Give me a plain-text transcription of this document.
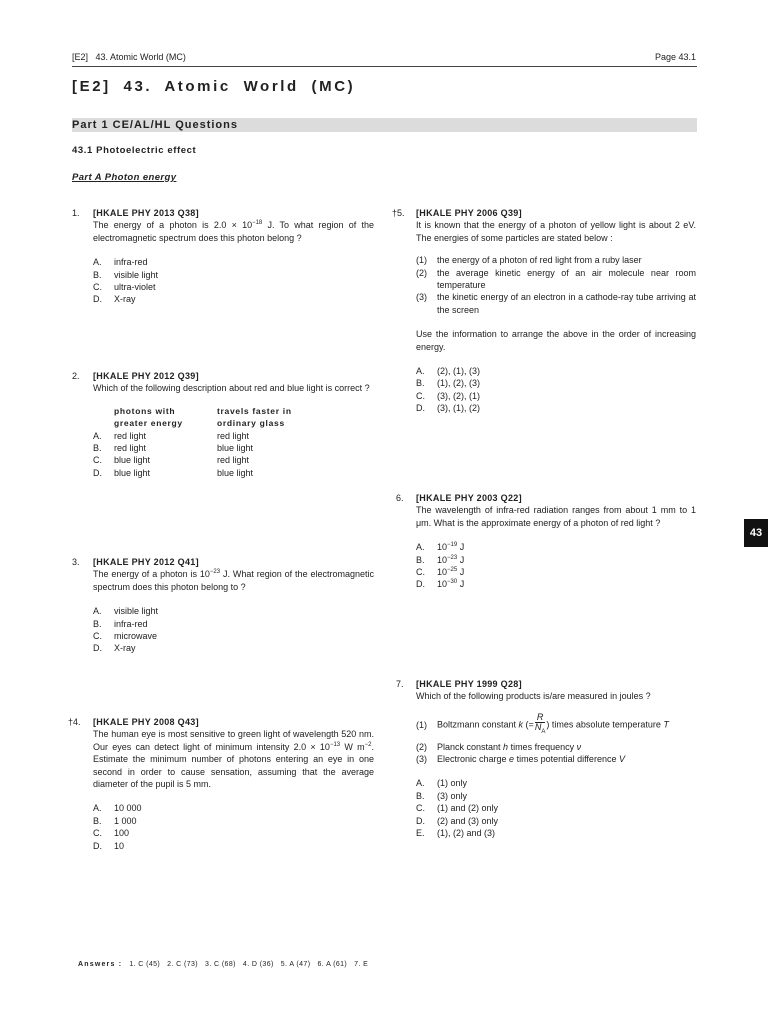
[E2] 43. Atomic World (MC)	Page 43.1
[E2] 43. Atomic World (MC)
Part 1 CE/AL/HL Questions
43.1 Photoelectric effect
Part A Photon energy
1. [HKALE PHY 2013 Q38]
The energy of a photon is $2.0 \times 10^{-18}$ J. To what region of the electromagnetic spectrum does this photon belong ?
A.	infra-red
B.	visible light
C.	ultra-violet
D.	X-ray
2. [HKALE PHY 2012 Q39]
Which of the following description about red and blue light is correct ?
photons with	travels faster in
greater energy	ordinary glass
A.	red light	red light
B.	red light	blue light
C.	blue light	red light
D.	blue light	blue light
3. [HKALE PHY 2012 Q41]
The energy of a photon is $10^{-23}$ J. What region of the electromagnetic spectrum does this photon belong to ?
A.	visible light
B.	infra-red
C.	microwave
D.	X-ray
†4. [HKALE PHY 2008 Q43]
The human eye is most sensitive to green light of wavelength 520 nm. Our eyes can detect light of minimum intensity $2.0 \times 10^{-13}$ W $m^{-2}$. Estimate the minimum number of photons entering an eye in one second in order to cause sensation, assuming that the average diameter of the pupil is 5 mm.
A.	10 000
B.	1 000
C.	100
D.	10
†5. [HKALE PHY 2006 Q39]
It is known that the energy of a photon of yellow light is about 2 eV. The energies of some particles are stated below :
(1)	the energy of a photon of red light from a ruby laser
(2)	the average kinetic energy of an air molecule near room temperature
(3)	the kinetic energy of an electron in a cathode-ray tube arriving at the screen
Use the information to arrange the above in the order of increasing energy.
A.	(2), (1), (3)
B.	(1), (2), (3)
C.	(3), (2), (1)
D.	(3), (1), (2)
6. [HKALE PHY 2003 Q22]
The wavelength of infra-red radiation ranges from about 1 mm to 1 μm. What is the approximate energy of a photon of red light ?
A.	$10^{-19}$ J
B.	$10^{-23}$ J
C.	$10^{-25}$ J
D.	$10^{-30}$ J
7. [HKALE PHY 1999 Q28]
Which of the following products is/are measured in joules ?
(1)	Boltzmann constant k (= $\frac{R}{N_A}$ ) times absolute temperature T
(2)	Planck constant h times frequency ν
(3)	Electronic charge e times potential difference V
A.	(1) only
B.	(3) only
C.	(1) and (2) only
D.	(2) and (3) only
E.	(1), (2) and (3)
43
Answers : 1. C (45)   2. C (73)   3. C (68)   4. D (36)   5. A (47)   6. A (61)   7. E
